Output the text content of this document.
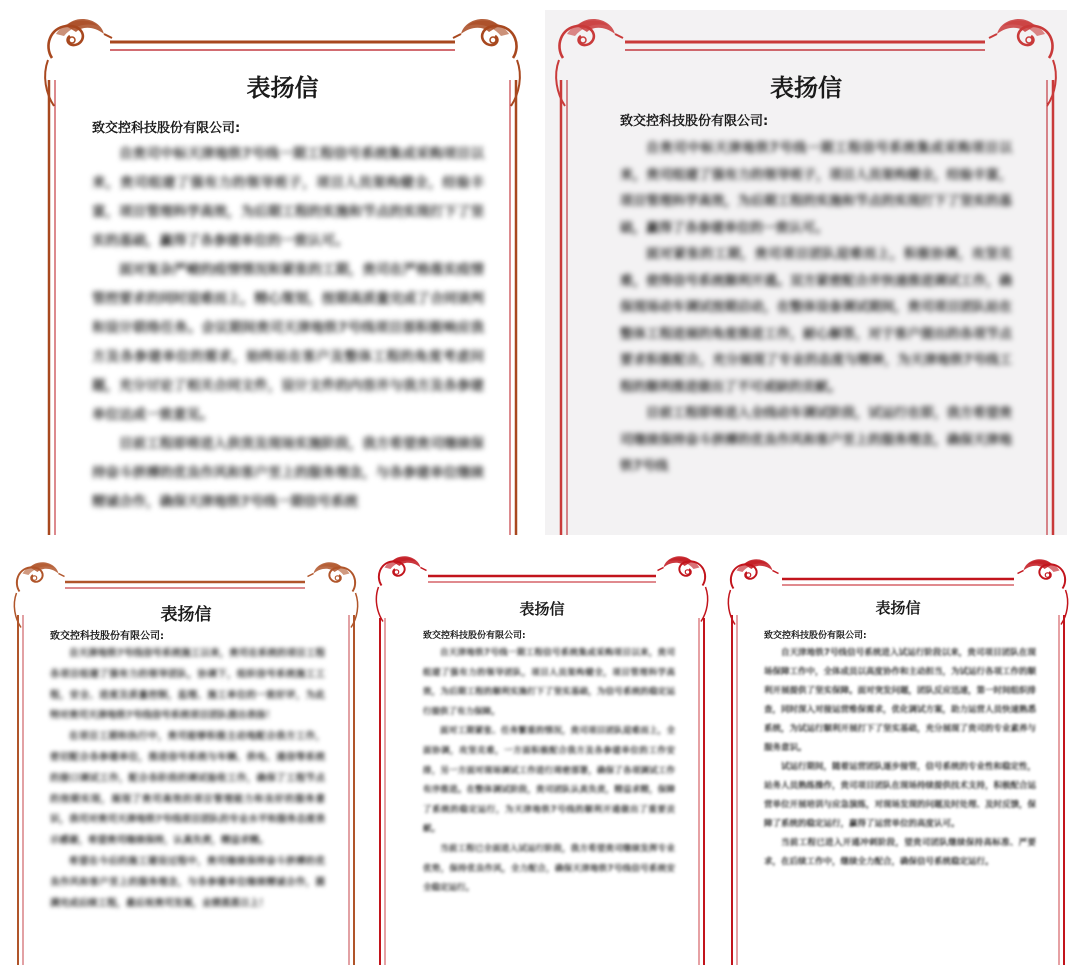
表扬信
致交控科技股份有限公司:

自贵司中标天津地铁7号线一期工程信号系统集成采购项目以来，贵司组建了强有力的领导班子，项目人员架构健全，经验丰富，项目管理科学高效，为后期工程的实施和节点的实现打下了坚实的基础，赢得了各参建单位的一致认可。

面对复杂严峻的疫情情况和紧张的工期，贵司在严格落实疫情管控要求的同时迎难而上，精心策划，按期高质量完成了合同谈判和设计联络任务。会议期间贵司天津地铁7号线项目部积极响应我方及各参建单位的需求，始终站在客户及整体工程的角度考虑问题，充分讨论了相关合同文件，设计文件的内容并与我方及各参建单位达成一致意见。

目前工程即将进入供货及现场实施阶段，我方希望贵司继续保持奋斗拼搏的优良作风和客户至上的服务理念，与各参建单位继续精诚合作，确保天津地铁7号线一期信号系统

表扬信
致交控科技股份有限公司:

自贵司中标天津地铁7号线一期工程信号系统集成采购项目以来，贵司组建了强有力的领导班子，项目人员架构健全，经验丰富，项目管理科学高效，为后期工程的实施和节点的实现打下了坚实的基础，赢得了各参建单位的一致认可。

面对紧张的工期，贵司项目团队迎难而上，积极协调，攻坚克难，使得信号系统顺利开通。双方紧密配合并快速推进调试工作，确保现场动车调试按期启动，在整体设备调试期间，贵司项目团队站在整体工程进展的角度推进工作，耐心解答，对于客户提出的各项节点要求积极配合，充分展现了专业的态度与精神，为天津地铁7号线工程的顺利推进做出了不可或缺的贡献。

目前工程即将进入全线动车调试阶段，试运行在即，我方希望贵司继续保持奋斗拼搏的优良作风和客户至上的服务理念，确保天津地铁7号线

表扬信
致交控科技股份有限公司:

自天津地铁7号线信号系统施工以来，贵司在系统的项目工程各项目组建了强有力的领导团队，协调下，组织信号系统施工工程，安全、进度及质量控制，监理、施工单位的一致好评，为此特对贵司天津地铁7号线信号系统项目团队提出表扬！

在项目工期和执行中，贵司能够积极主动地配合我方工作，密切配合各参建单位，推进信号系统与车辆、供电、通信等系统的接口调试工作，配合各阶段的调试验收工作，确保了工程节点的按期实现，展现了贵司高效的项目管理能力和良好的服务意识，我司对贵司天津地铁7号线项目团队的专业水平和服务态度表示感谢，希望贵司继续保持，认真负责，精益求精。

希望在今后的施工建设过程中，贵司继续保持奋斗拼搏的优良作风和客户至上的服务理念，与各参建单位继续精诚合作，圆满完成后续工程，最后祝贵司发展，业绩蒸蒸日上！

表扬信
致交控科技股份有限公司:

自天津地铁7号线一期工程信号系统集成采购项目以来，贵司组建了强有力的领导团队，项目人员架构健全，项目管理科学高效，为后期工程的顺利实施打下了坚实基础，为信号系统的稳定运行提供了有力保障。

面对工期紧张、任务繁重的情况，贵司项目团队迎难而上，全面协调，攻坚克难，一方面积极配合我方及各参建单位的工作安排，另一方面对现场调试工作进行周密部署，确保了各项调试工作有序推进。在整体调试阶段，贵司团队认真负责，精益求精，保障了系统的稳定运行，为天津地铁7号线的顺利开通做出了重要贡献。

当前工程已全面进入试运行阶段，我方希望贵司继续发挥专业优势，保持优良作风，全力配合，确保天津地铁7号线信号系统安全稳定运行。

表扬信
致交控科技股份有限公司:

自天津地铁7号线信号系统进入试运行阶段以来，贵司项目团队在现场保障工作中，全体成员以高度协作和主动担当，为试运行各项工作的顺利开展提供了坚实保障。面对突发问题，团队反应迅速，第一时间组织排查，同时深入对接运营维保需求，优化调试方案，助力运营人员快速熟悉系统，为试运行顺利开展打下了坚实基础，充分展现了贵司的专业素养与服务意识。

试运行期间，随着运营团队逐步接管，信号系统的专业性和稳定性，站务人员熟练操作，贵司项目团队在现场持续提供技术支持，积极配合运营单位开展培训与应急演练，对现场发现的问题及时处理、及时反馈，保障了系统的稳定运行，赢得了运营单位的高度认可。

当前工程已进入开通冲刺阶段，望贵司团队继续保持高标准、严要求，在后续工作中，继续全力配合，确保信号系统稳定运行。
